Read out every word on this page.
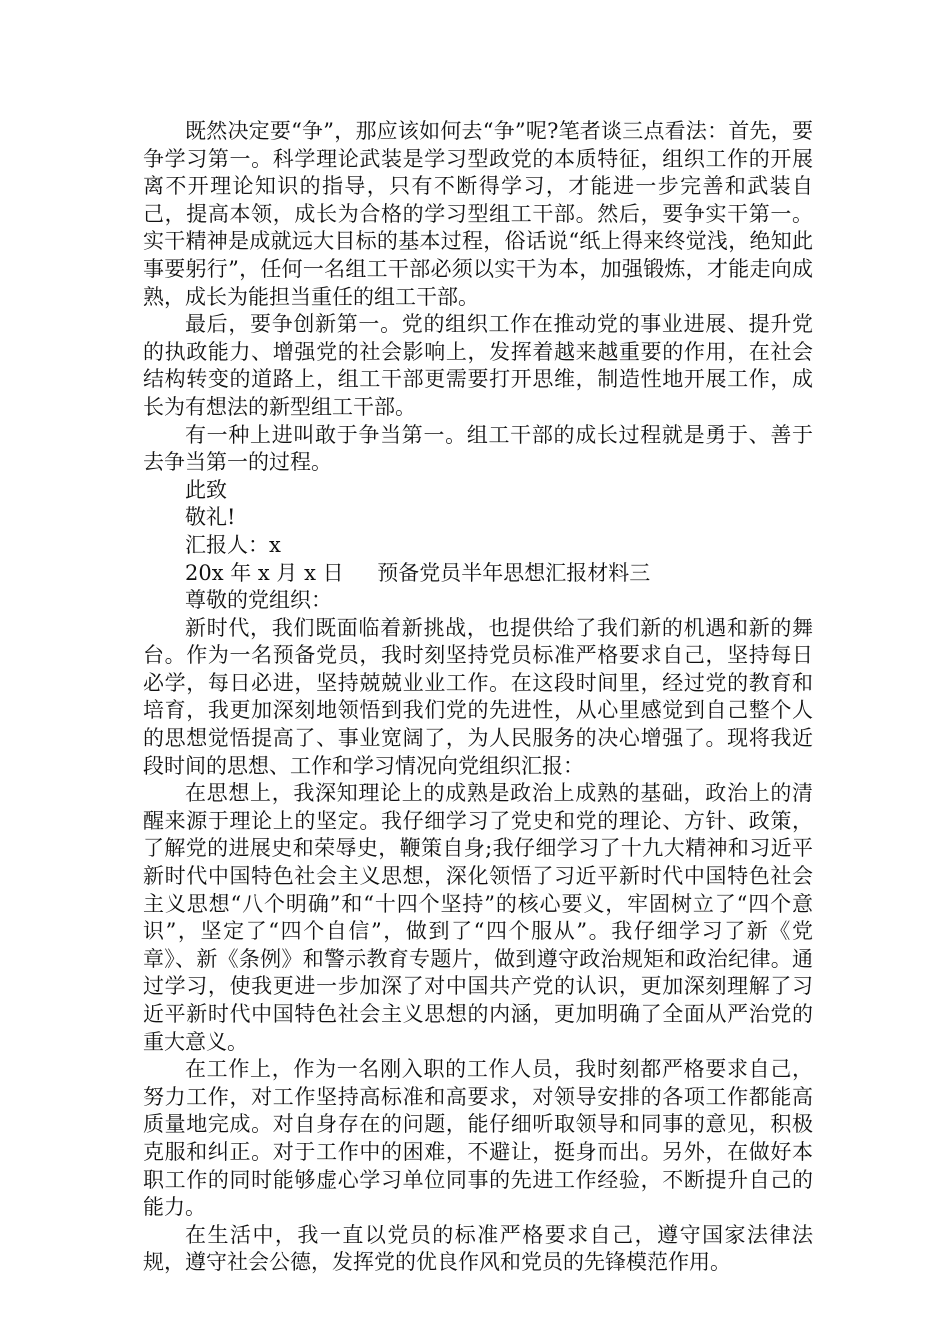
既然决定要“争”，那应该如何去“争”呢?笔者谈三点看法：首先，要争学习第一。科学理论武装是学习型政党的本质特征，组织工作的开展离不开理论知识的指导，只有不断得学习，才能进一步完善和武装自己，提高本领，成长为合格的学习型组工干部。然后，要争实干第一。实干精神是成就远大目标的基本过程，俗话说“纸上得来终觉浅，绝知此事要躬行”，任何一名组工干部必须以实干为本，加强锻炼，才能走向成熟，成长为能担当重任的组工干部。

最后，要争创新第一。党的组织工作在推动党的事业进展、提升党的执政能力、增强党的社会影响上，发挥着越来越重要的作用，在社会结构转变的道路上，组工干部更需要打开思维，制造性地开展工作，成长为有想法的新型组工干部。

有一种上进叫敢于争当第一。组工干部的成长过程就是勇于、善于去争当第一的过程。

此致

敬礼!

汇报人：x

20x 年 x 月 x 日 预备党员半年思想汇报材料三

尊敬的党组织：

新时代，我们既面临着新挑战，也提供给了我们新的机遇和新的舞台。作为一名预备党员，我时刻坚持党员标准严格要求自己，坚持每日必学，每日必进，坚持兢兢业业工作。在这段时间里，经过党的教育和培育，我更加深刻地领悟到我们党的先进性，从心里感觉到自己整个人的思想觉悟提高了、事业宽阔了，为人民服务的决心增强了。现将我近段时间的思想、工作和学习情况向党组织汇报：

在思想上，我深知理论上的成熟是政治上成熟的基础，政治上的清醒来源于理论上的坚定。我仔细学习了党史和党的理论、方针、政策，了解党的进展史和荣辱史，鞭策自身;我仔细学习了十九大精神和习近平新时代中国特色社会主义思想，深化领悟了习近平新时代中国特色社会主义思想“八个明确”和“十四个坚持”的核心要义，牢固树立了“四个意识”，坚定了“四个自信”，做到了“四个服从”。我仔细学习了新《党章》、新《条例》和警示教育专题片，做到遵守政治规矩和政治纪律。通过学习，使我更进一步加深了对中国共产党的认识，更加深刻理解了习近平新时代中国特色社会主义思想的内涵，更加明确了全面从严治党的重大意义。

在工作上，作为一名刚入职的工作人员，我时刻都严格要求自己，努力工作，对工作坚持高标准和高要求，对领导安排的各项工作都能高质量地完成。对自身存在的问题，能仔细听取领导和同事的意见，积极克服和纠正。对于工作中的困难，不避让，挺身而出。另外，在做好本职工作的同时能够虚心学习单位同事的先进工作经验，不断提升自己的能力。

在生活中，我一直以党员的标准严格要求自己，遵守国家法律法规，遵守社会公德，发挥党的优良作风和党员的先锋模范作用。
